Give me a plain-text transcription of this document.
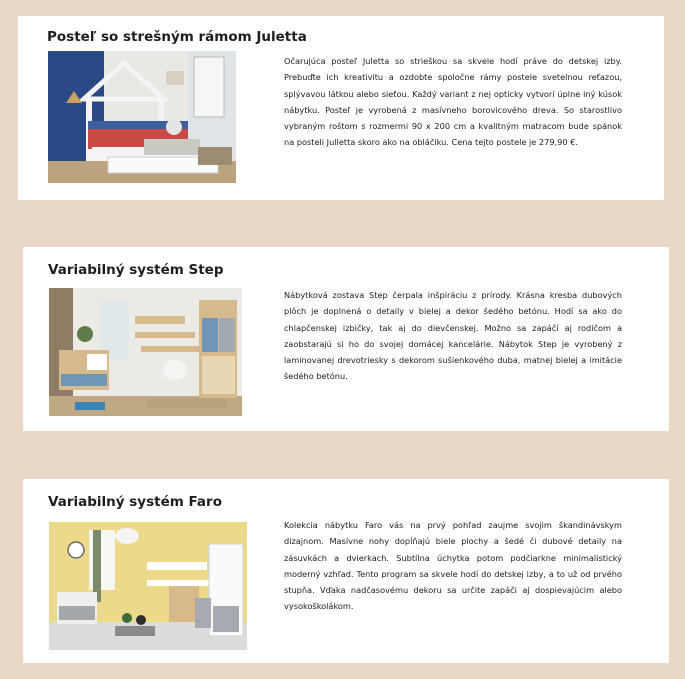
Posteľ so strešným rámom Juletta

Očarujúca posteľ Juletta so strieškou sa skvele hodí práve do detskej izby. Prebuďte ich kreativitu a ozdobte spoločne rámy postele svetelnou reťazou, splývavou látkou alebo sieťou. Každý variant z nej opticky vytvorí úplne iný kúsok nábytku. Posteľ je vyrobená z masívneho borovicového dreva. So starostlivo vybraným roštom s rozmermi 90 x 200 cm a kvalitným matracom bude spánok na posteli Julletta skoro ako na obláčiku. Cena tejto postele je 279,90 €.

Variabilný systém Step

Nábytková zostava Step čerpala inšpiráciu z prírody. Krásna kresba dubových plôch je doplnená o detaily v bielej a dekor šedého betónu. Hodí sa ako do chlapčenskej izbičky, tak aj do dievčenskej. Možno sa zapáčí aj rodičom a zaobstarajú si ho do svojej domácej kancelárie. Nábytok Step je vyrobený z laminovanej drevotriesky s dekorom sušienkového duba, matnej bielej a imitácie šedého betónu.

Variabilný systém Faro

Kolekcia nábytku Faro vás na prvý pohľad zaujme svojim škandinávskym dizajnom. Masívne nohy dopĺňajú biele plochy a šedé či dubové detaily na zásuvkách a dvierkach. Subtílna úchytka potom podčiarkne minimalistický moderný vzhľad. Tento program sa skvele hodí do detskej izby, a to už od prvého stupňa. Vďaka nadčasovému dekoru sa určite zapáči aj dospievajúcim alebo vysokoškolákom.
